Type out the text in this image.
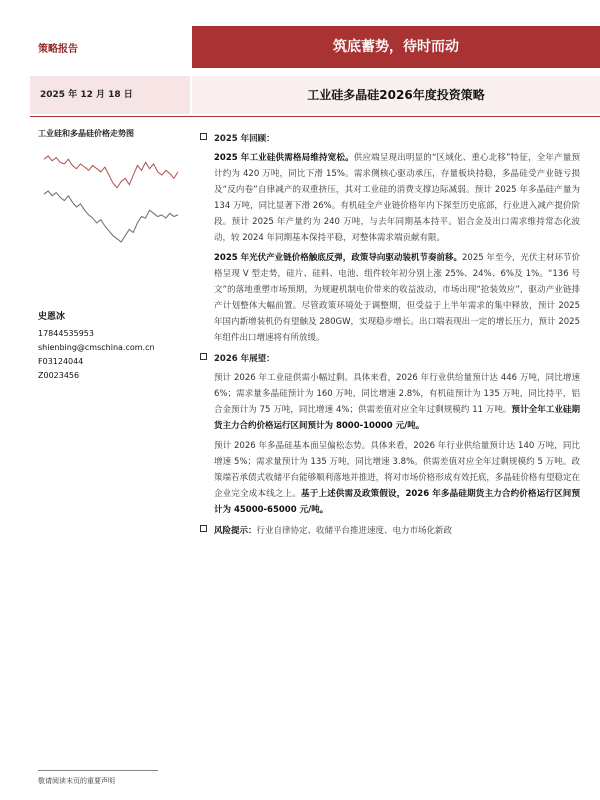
策略报告	筑底蓄势，待时而动
2025 年 12 月 18 日	工业硅多晶硅2026年度投资策略
工业硅和多晶硅价格走势图
史恩冰
17844535953
shienbing@cmschina.com.cn
F03124044
Z0023456
2025 年回顾：

2025 年工业硅供需格局维持宽松。供应端呈现出明显的“区域化、重心北移”特征，全年产量预计约为 420 万吨，同比下滑 15%。需求侧核心驱动承压，存量板块持稳，多晶硅受产业链亏损及“反内卷”自律减产的双重挤压，其对工业硅的消费支撑边际减弱。预计 2025 年多晶硅产量为 134 万吨，同比显著下滑 26%。有机硅全产业链价格年内下探至历史底部，行业进入减产提价阶段。预计 2025 年产量约为 240 万吨，与去年同期基本持平。铝合金及出口需求维持常态化波动，较 2024 年同期基本保持平稳，对整体需求端贡献有限。

2025 年光伏产业链价格触底反弹，政策导向驱动装机节奏前移。2025 年至今，光伏主材环节价格呈现 V 型走势，硅片、硅料、电池、组件较年初分别上涨 25%、24%、6%及 1%。“136 号文”的落地重塑市场预期，为规避机制电价带来的收益波动，市场出现“抢装效应”，驱动产业链排产计划整体大幅前置。尽管政策环境处于调整期，但受益于上半年需求的集中释放，预计 2025 年国内新增装机仍有望触及 280GW，实现稳步增长。出口端表现出一定的增长压力，预计 2025 年组件出口增速将有所放缓。

2026 年展望：

预计 2026 年工业硅供需小幅过剩。具体来看，2026 年行业供给量预计达 446 万吨，同比增速 6%；需求量多晶硅预计为 160 万吨，同比增速 2.8%，有机硅预计为 135 万吨，同比持平，铝合金预计为 75 万吨，同比增速 4%；供需差值对应全年过剩规模约 11 万吨。预计全年工业硅期货主力合约价格运行区间预计为 8000-10000 元/吨。

预计 2026 年多晶硅基本面呈偏松态势。具体来看，2026 年行业供给量预计达 140 万吨，同比增速 5%；需求量预计为 135 万吨，同比增速 3.8%。供需差值对应全年过剩规模约 5 万吨。政策端若承债式收储平台能够顺利落地并推进，将对市场价格形成有效托底，多晶硅价格有望稳定在企业完全成本线之上。基于上述供需及政策假设，2026 年多晶硅期货主力合约价格运行区间预计为 45000-65000 元/吨。

风险提示：行业自律协定、收储平台推进速度、电力市场化新政
敬请阅读末页的重要声明
